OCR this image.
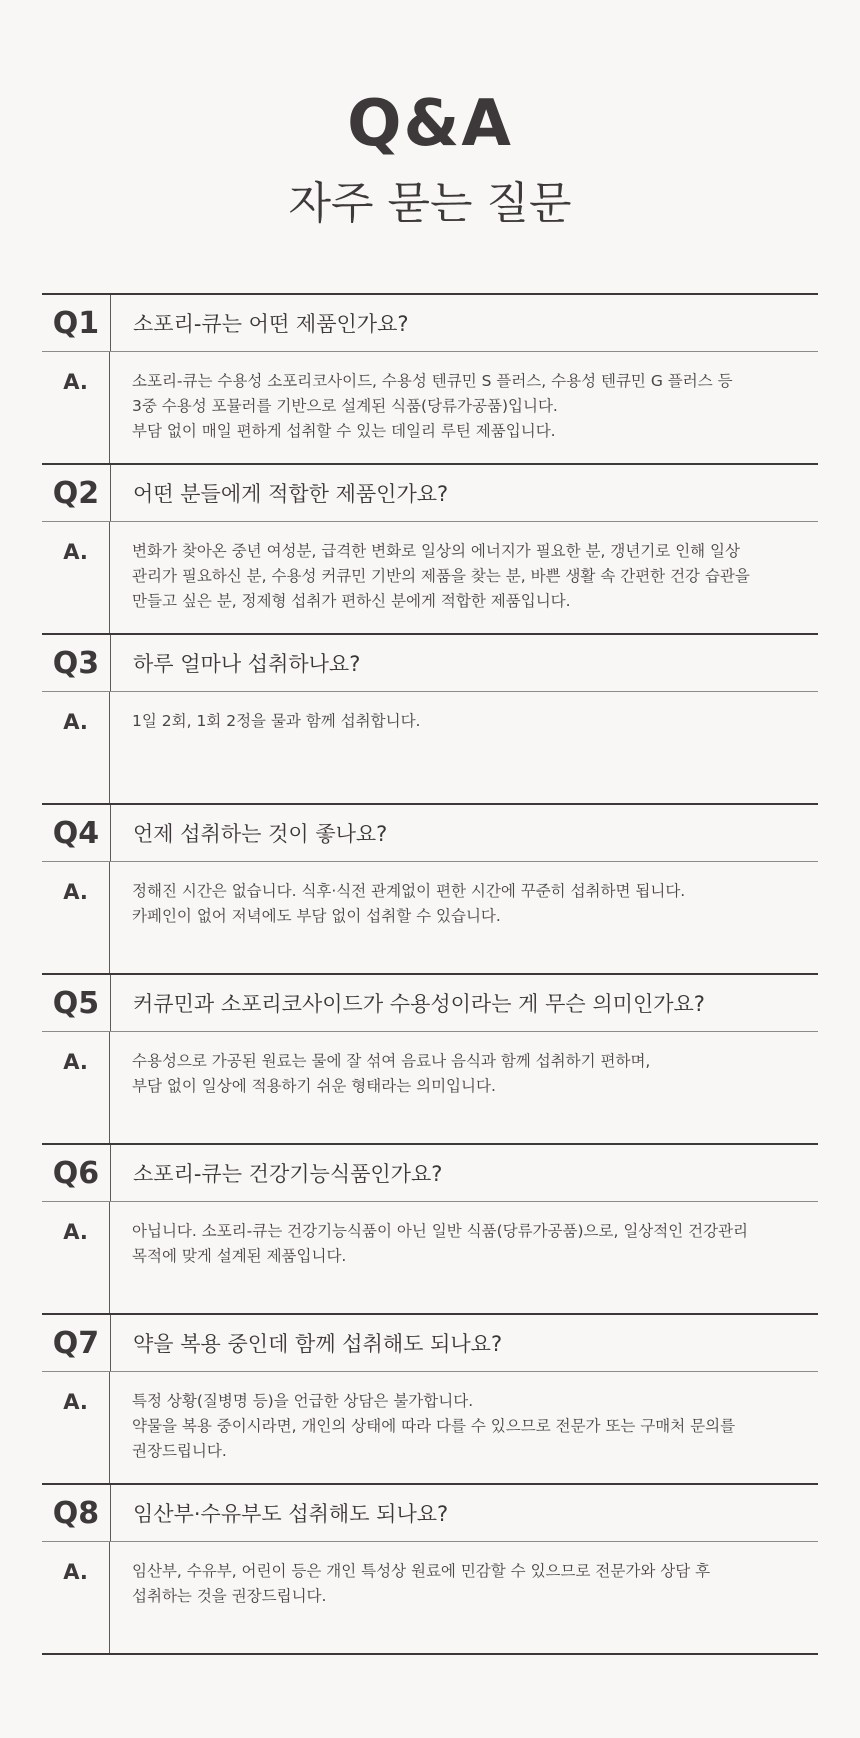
Q&A
자주 묻는 질문
Q1	소포리-큐는 어떤 제품인가요?
A.	소포리-큐는 수용성 소포리코사이드, 수용성 텐큐민 S 플러스, 수용성 텐큐민 G 플러스 등
3중 수용성 포뮬러를 기반으로 설계된 식품(당류가공품)입니다.
부담 없이 매일 편하게 섭취할 수 있는 데일리 루틴 제품입니다.
Q2	어떤 분들에게 적합한 제품인가요?
A.	변화가 찾아온 중년 여성분, 급격한 변화로 일상의 에너지가 필요한 분, 갱년기로 인해 일상
관리가 필요하신 분, 수용성 커큐민 기반의 제품을 찾는 분, 바쁜 생활 속 간편한 건강 습관을
만들고 싶은 분, 정제형 섭취가 편하신 분에게 적합한 제품입니다.
Q3	하루 얼마나 섭취하나요?
A.	1일 2회, 1회 2정을 물과 함께 섭취합니다.
Q4	언제 섭취하는 것이 좋나요?
A.	정해진 시간은 없습니다. 식후·식전 관계없이 편한 시간에 꾸준히 섭취하면 됩니다.
카페인이 없어 저녁에도 부담 없이 섭취할 수 있습니다.
Q5	커큐민과 소포리코사이드가 수용성이라는 게 무슨 의미인가요?
A.	수용성으로 가공된 원료는 물에 잘 섞여 음료나 음식과 함께 섭취하기 편하며,
부담 없이 일상에 적용하기 쉬운 형태라는 의미입니다.
Q6	소포리-큐는 건강기능식품인가요?
A.	아닙니다. 소포리-큐는 건강기능식품이 아닌 일반 식품(당류가공품)으로, 일상적인 건강관리
목적에 맞게 설계된 제품입니다.
Q7	약을 복용 중인데 함께 섭취해도 되나요?
A.	특정 상황(질병명 등)을 언급한 상담은 불가합니다.
약물을 복용 중이시라면, 개인의 상태에 따라 다를 수 있으므로 전문가 또는 구매처 문의를
권장드립니다.
Q8	임산부·수유부도 섭취해도 되나요?
A.	임산부, 수유부, 어린이 등은 개인 특성상 원료에 민감할 수 있으므로 전문가와 상담 후
섭취하는 것을 권장드립니다.
